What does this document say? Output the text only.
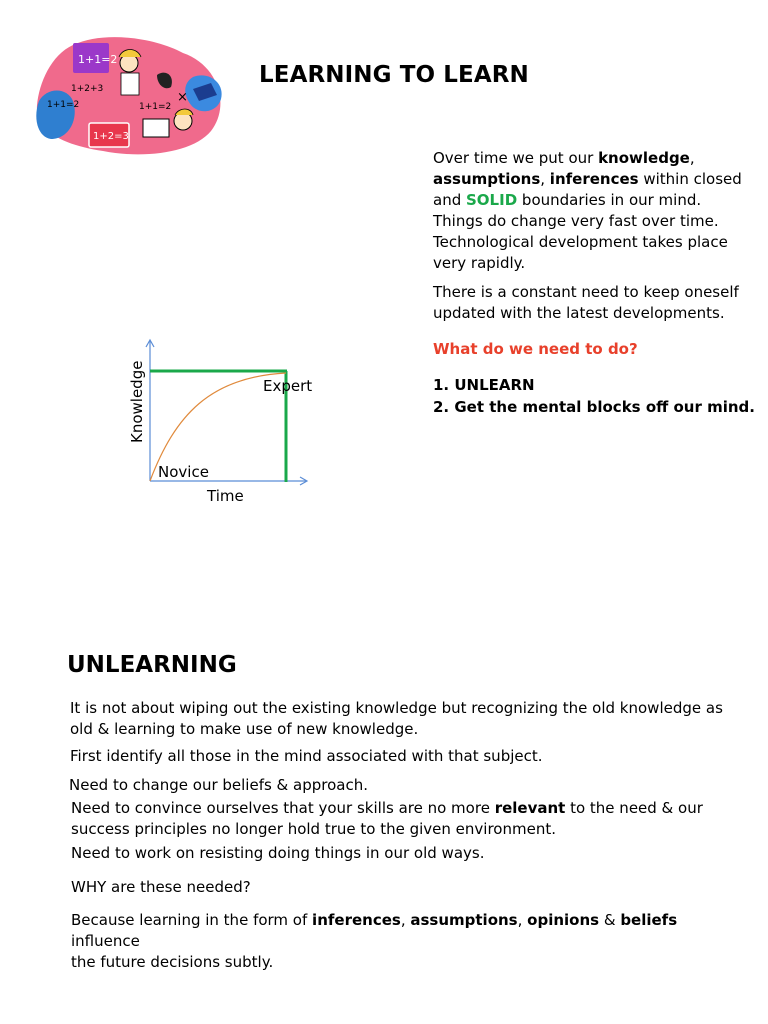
1+1=2
1+2=3
1+1=2
1+2+3
1+1=2
×
LEARNING TO LEARN
Over time we put our knowledge,
assumptions, inferences within closed
and SOLID boundaries in our mind.
Things do change very fast over time.
Technological development takes place
very rapidly.
There is a constant need to keep oneself
updated with the latest developments.
What do we need to do?
1. UNLEARN
2. Get the mental blocks off our mind.
Knowledge	Expert
Novice
Time
UNLEARNING
It is not about wiping out the existing knowledge but recognizing the old knowledge as
old & learning to make use of new knowledge.
First identify all those in the mind associated with that subject.
Need to change our beliefs & approach.
Need to convince ourselves that your skills are no more relevant to the need & our
success principles no longer hold true to the given environment.
Need to work on resisting doing things in our old ways.
WHY are these needed?
Because learning in the form of inferences, assumptions, opinions & beliefs influence
the future decisions subtly.
